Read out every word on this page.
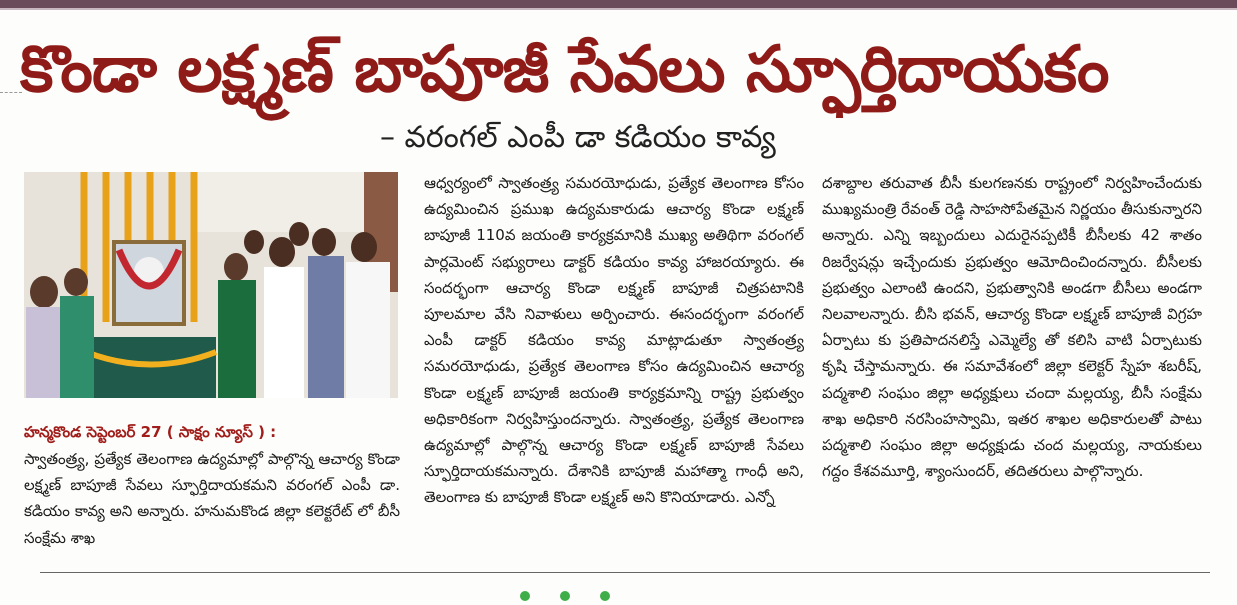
కొండా లక్ష్మణ్ బాపూజీ సేవలు స్ఫూర్తిదాయకం
– వరంగల్ ఎంపీ డా కడియం కావ్య
హన్మకొండ సెప్టెంబర్ 27 ( సాక్షం న్యూస్ ) :

స్వాతంత్ర్య, ప్రత్యేక తెలంగాణ ఉద్యమాల్లో పాల్గొన్న ఆచార్య కొండా లక్ష్మణ్ బాపూజీ సేవలు స్ఫూర్తిదాయకమని వరంగల్ ఎంపీ డా. కడియం కావ్య అని అన్నారు. హనుమకొండ జిల్లా కలెక్టరేట్ లో బీసీ సంక్షేమ శాఖ

ఆధ్వర్యంలో స్వాతంత్ర్య సమరయోధుడు, ప్రత్యేక తెలంగాణ కోసం ఉద్యమించిన ప్రముఖ ఉద్యమకారుడు ఆచార్య కొండా లక్ష్మణ్ బాపూజీ 110వ జయంతి కార్యక్రమానికి ముఖ్య అతిథిగా వరంగల్ పార్లమెంట్ సభ్యురాలు డాక్టర్ కడియం కావ్య హాజరయ్యారు. ఈ సందర్భంగా ఆచార్య కొండా లక్ష్మణ్ బాపూజీ చిత్రపటానికి పూలమాల వేసి నివాళులు అర్పించారు. ఈసందర్భంగా వరంగల్ ఎంపీ డాక్టర్ కడియం కావ్య మాట్లాడుతూ స్వాతంత్ర్య సమరయోధుడు, ప్రత్యేక తెలంగాణ కోసం ఉద్యమించిన ఆచార్య కొండా లక్ష్మణ్ బాపూజీ జయంతి కార్యక్రమాన్ని రాష్ట్ర ప్రభుత్వం అధికారికంగా నిర్వహిస్తుందన్నారు. స్వాతంత్ర్య, ప్రత్యేక తెలంగాణ ఉద్యమాల్లో పాల్గొన్న ఆచార్య కొండా లక్ష్మణ్ బాపూజీ సేవలు స్ఫూర్తిదాయకమన్నారు. దేశానికి బాపూజీ మహాత్మా గాంధీ అని, తెలంగాణ కు బాపూజీ కొండా లక్ష్మణ్ అని కొనియాడారు. ఎన్నో

దశాబ్దాల తరువాత బీసీ కులగణనకు రాష్ట్రంలో నిర్వహించేందుకు ముఖ్యమంత్రి రేవంత్ రెడ్డి సాహసోపేతమైన నిర్ణయం తీసుకున్నారని అన్నారు. ఎన్ని ఇబ్బందులు ఎదురైనప్పటికీ బీసీలకు 42 శాతం రిజర్వేషన్లు ఇచ్చేందుకు ప్రభుత్వం ఆమోదించిందన్నారు. బీసీలకు ప్రభుత్వం ఎలాంటి ఉందని, ప్రభుత్వానికి అండగా బీసీలు అండగా నిలవాలన్నారు. బీసి భవన్, ఆచార్య కొండా లక్ష్మణ్ బాపూజీ విగ్రహ ఏర్పాటు కు ప్రతిపాదనలిస్తే ఎమ్మెల్యే తో కలిసి వాటి ఏర్పాటుకు కృషి చేస్తామన్నారు. ఈ సమావేశంలో జిల్లా కలెక్టర్ స్నేహ శబరీష్, పద్మశాలి సంఘం జిల్లా అధ్యక్షులు చందా మల్లయ్య, బీసీ సంక్షేమ శాఖ అధికారి నరసింహస్వామి, ఇతర శాఖల అధికారులతో పాటు పద్మశాలి సంఘం జిల్లా అధ్యక్షుడు చంద మల్లయ్య, నాయకులు గద్దం కేశవమూర్తి, శ్యాంసుందర్, తదితరులు పాల్గొన్నారు.
